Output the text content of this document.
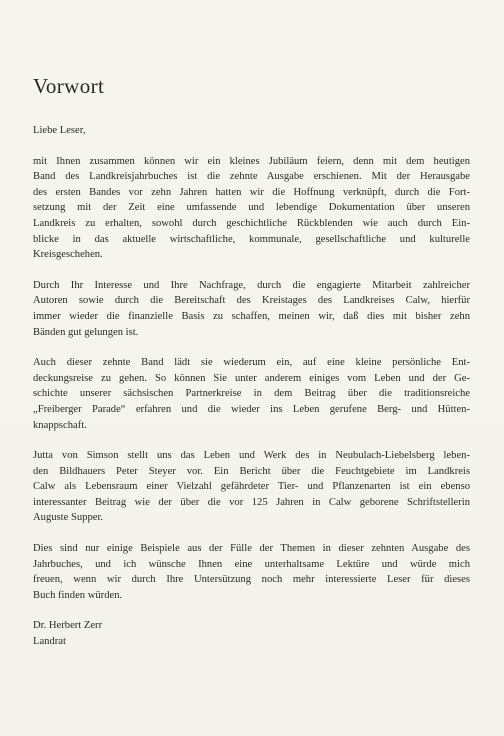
Vorwort

Liebe Leser,

mit Ihnen zusammen können wir ein kleines Jubiläum feiern, denn mit dem heutigen
Band des Landkreisjahrbuches ist die zehnte Ausgabe erschienen. Mit der Herausgabe
des ersten Bandes vor zehn Jahren hatten wir die Hoffnung verknüpft, durch die Fort-
setzung mit der Zeit eine umfassende und lebendige Dokumentation über unseren
Landkreis zu erhalten, sowohl durch geschichtliche Rückblenden wie auch durch Ein-
blicke in das aktuelle wirtschaftliche, kommunale, gesellschaftliche und kulturelle
Kreisgeschehen.

Durch Ihr Interesse und Ihre Nachfrage, durch die engagierte Mitarbeit zahlreicher
Autoren sowie durch die Bereitschaft des Kreistages des Landkreises Calw, hierfür
immer wieder die finanzielle Basis zu schaffen, meinen wir, daß dies mit bisher zehn
Bänden gut gelungen ist.

Auch dieser zehnte Band lädt sie wiederum ein, auf eine kleine persönliche Ent-
deckungsreise zu gehen. So können Sie unter anderem einiges vom Leben und der Ge-
schichte unserer sächsischen Partnerkreise in dem Beitrag über die traditionsreiche
„Freiberger Parade“ erfahren und die wieder ins Leben gerufene Berg- und Hütten-
knappschaft.

Jutta von Simson stellt uns das Leben und Werk des in Neubulach-Liebelsberg leben-
den Bildhauers Peter Steyer vor. Ein Bericht über die Feuchtgebiete im Landkreis
Calw als Lebensraum einer Vielzahl gefährdeter Tier- und Pflanzenarten ist ein ebenso
interessanter Beitrag wie der über die vor 125 Jahren in Calw geborene Schriftstellerin
Auguste Supper.

Dies sind nur einige Beispiele aus der Fülle der Themen in dieser zehnten Ausgabe des
Jahrbuches, und ich wünsche Ihnen eine unterhaltsame Lektüre und würde mich
freuen, wenn wir durch Ihre Untersützung noch mehr interessierte Leser für dieses
Buch finden würden.

Dr. Herbert Zerr
Landrat
